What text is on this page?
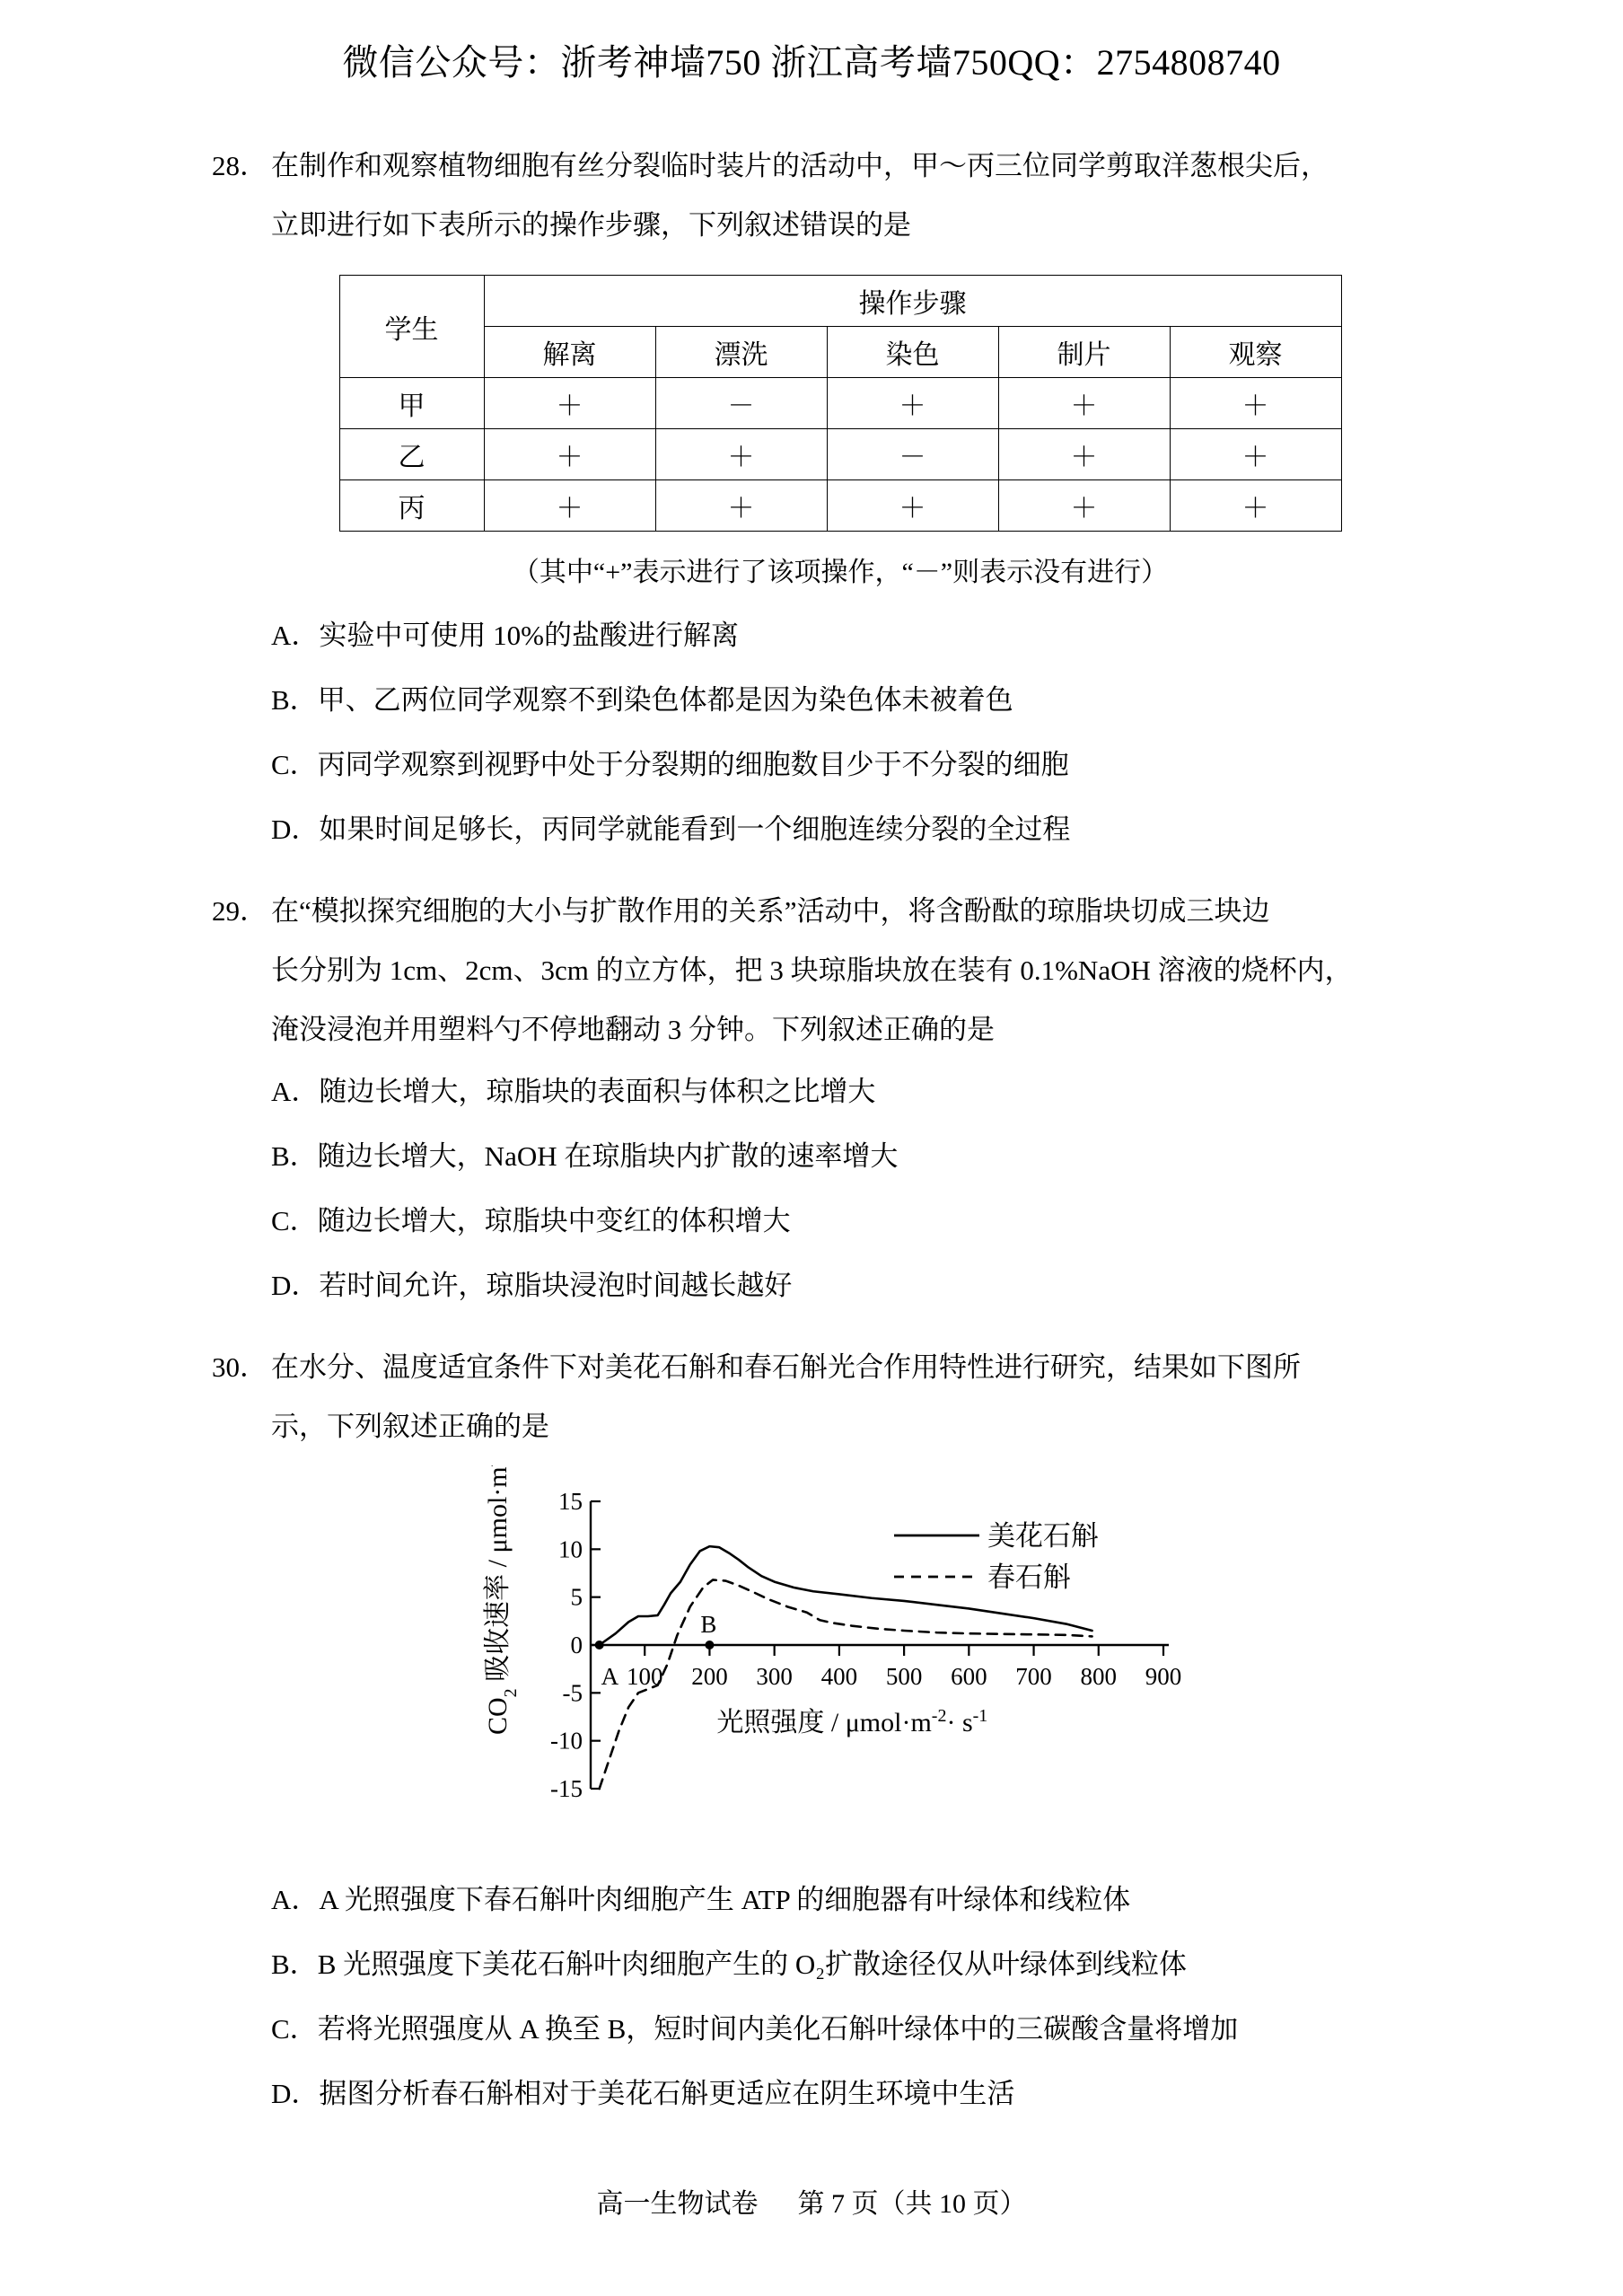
微信公众号：浙考神墙750 浙江高考墙750QQ：2754808740
28． 在制作和观察植物细胞有丝分裂临时装片的活动中，甲～丙三位同学剪取洋葱根尖后，
立即进行如下表所示的操作步骤，下列叙述错误的是
学生	操作步骤				
	解离	漂洗	染色	制片	观察
甲	＋	－	＋	＋	＋
乙	＋	＋	－	＋	＋
丙	＋	＋	＋	＋	＋
（其中“+”表示进行了该项操作，“－”则表示没有进行）
A．实验中可使用 10%的盐酸进行解离
B．甲、乙两位同学观察不到染色体都是因为染色体未被着色
C．丙同学观察到视野中处于分裂期的细胞数目少于不分裂的细胞
D．如果时间足够长，丙同学就能看到一个细胞连续分裂的全过程
29． 在“模拟探究细胞的大小与扩散作用的关系”活动中，将含酚酞的琼脂块切成三块边
长分别为 1cm、2cm、3cm 的立方体，把 3 块琼脂块放在装有 0.1%NaOH 溶液的烧杯内，
淹没浸泡并用塑料勺不停地翻动 3 分钟。下列叙述正确的是
A．随边长增大，琼脂块的表面积与体积之比增大
B．随边长增大，NaOH 在琼脂块内扩散的速率增大
C．随边长增大，琼脂块中变红的体积增大
D．若时间允许，琼脂块浸泡时间越长越好
30． 在水分、温度适宜条件下对美花石斛和春石斛光合作用特性进行研究，结果如下图所
示，下列叙述正确的是
-15
-10
-5
0
5
10
15
100 200 300 400 500 600 700 800 900
A
B
美花石斛
春石斛
光照强度 / $\mu mol\cdot m^{-2}\cdot s^{-1}$
$CO_2$ 吸收速率 / μmol·m
A．A 光照强度下春石斛叶肉细胞产生 ATP 的细胞器有叶绿体和线粒体
B．B 光照强度下美花石斛叶肉细胞产生的 O₂扩散途径仅从叶绿体到线粒体
C．若将光照强度从 A 换至 B，短时间内美化石斛叶绿体中的三碳酸含量将增加
D．据图分析春石斛相对于美花石斛更适应在阴生环境中生活
高一生物试卷 第 7 页（共 10 页）
